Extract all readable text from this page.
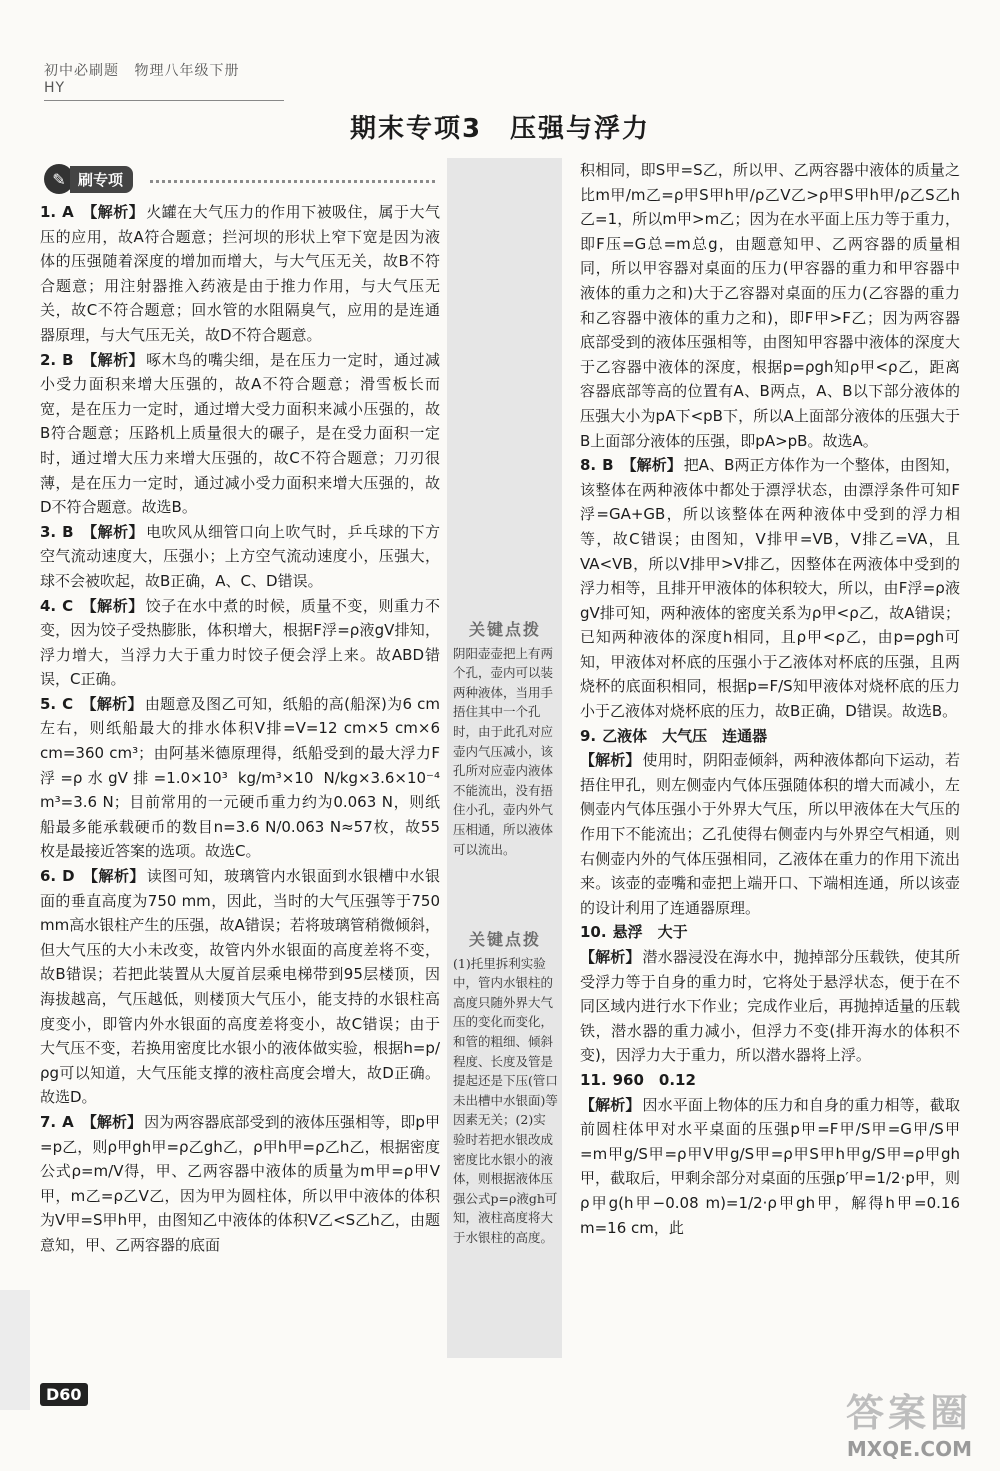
初中必刷题 物理八年级下册 HY
期末专项3　压强与浮力
✎ 刷专项
1. A 【解析】 火罐在大气压力的作用下被吸住，属于大气压的应用，故A符合题意；拦河坝的形状上窄下宽是因为液体的压强随着深度的增加而增大，与大气压无关，故B不符合题意；用注射器推入药液是由于推力作用，与大气压无关，故C不符合题意；回水管的水阻隔臭气，应用的是连通器原理，与大气压无关，故D不符合题意。
2. B 【解析】 啄木鸟的嘴尖细，是在压力一定时，通过减小受力面积来增大压强的，故A不符合题意；滑雪板长而宽，是在压力一定时，通过增大受力面积来减小压强的，故B符合题意；压路机上质量很大的碾子，是在受力面积一定时，通过增大压力来增大压强的，故C不符合题意；刀刃很薄，是在压力一定时，通过减小受力面积来增大压强的，故D不符合题意。故选B。
3. B 【解析】 电吹风从细管口向上吹气时，乒乓球的下方空气流动速度大，压强小；上方空气流动速度小，压强大，球不会被吹起，故B正确，A、C、D错误。
4. C 【解析】 饺子在水中煮的时候，质量不变，则重力不变，因为饺子受热膨胀，体积增大，根据F浮=ρ液gV排知，浮力增大，当浮力大于重力时饺子便会浮上来。故ABD错误，C正确。
5. C 【解析】 由题意及图乙可知，纸船的高(船深)为6 cm左右，则纸船最大的排水体积V排=V=12 cm×5 cm×6 cm=360 cm³；由阿基米德原理得，纸船受到的最大浮力F浮=ρ水gV排=1.0×10³ kg/m³×10 N/kg×3.6×10⁻⁴ m³=3.6 N；目前常用的一元硬币重力约为0.063 N，则纸船最多能承载硬币的数目n=3.6 N/0.063 N≈57枚，故55枚是最接近答案的选项。故选C。
6. D 【解析】 读图可知，玻璃管内水银面到水银槽中水银面的垂直高度为750 mm，因此，当时的大气压强等于750 mm高水银柱产生的压强，故A错误；若将玻璃管稍微倾斜，但大气压的大小未改变，故管内外水银面的高度差将不变，故B错误；若把此装置从大厦首层乘电梯带到95层楼顶，因海拔越高，气压越低，则楼顶大气压小，能支持的水银柱高度变小，即管内外水银面的高度差将变小，故C错误；由于大气压不变，若换用密度比水银小的液体做实验，根据h=p/ρg可以知道，大气压能支撑的液柱高度会增大，故D正确。故选D。
7. A 【解析】 因为两容器底部受到的液体压强相等，即p甲=p乙，则ρ甲gh甲=ρ乙gh乙，ρ甲h甲=ρ乙h乙，根据密度公式ρ=m/V得，甲、乙两容器中液体的质量为m甲=ρ甲V甲，m乙=ρ乙V乙，因为甲为圆柱体，所以甲中液体的体积为V甲=S甲h甲，由图知乙中液体的体积V乙<S乙h乙，由题意知，甲、乙两容器的底面
关键点拨
阴阳壶壶把上有两个孔，壶内可以装两种液体，当用手捂住其中一个孔时，由于此孔对应壶内气压减小，该孔所对应壶内液体不能流出，没有捂住小孔，壶内外气压相通，所以液体可以流出。
关键点拨
(1)托里拆利实验中，管内水银柱的高度只随外界大气压的变化而变化，和管的粗细、倾斜程度、长度及管是提起还是下压(管口未出槽中水银面)等因素无关；(2)实验时若把水银改成密度比水银小的液体，则根据液体压强公式p=ρ液gh可知，液柱高度将大于水银柱的高度。
积相同，即S甲=S乙，所以甲、乙两容器中液体的质量之比m甲/m乙=ρ甲S甲h甲/ρ乙V乙>ρ甲S甲h甲/ρ乙S乙h乙=1，所以m甲>m乙；因为在水平面上压力等于重力，即F压=G总=m总g，由题意知甲、乙两容器的质量相同，所以甲容器对桌面的压力(甲容器的重力和甲容器中液体的重力之和)大于乙容器对桌面的压力(乙容器的重力和乙容器中液体的重力之和)，即F甲>F乙；因为两容器底部受到的液体压强相等，由图知甲容器中液体的深度大于乙容器中液体的深度，根据p=ρgh知ρ甲<ρ乙，距离容器底部等高的位置有A、B两点，A、B以下部分液体的压强大小为pA下<pB下，所以A上面部分液体的压强大于B上面部分液体的压强，即pA>pB。故选A。
8. B 【解析】 把A、B两正方体作为一个整体，由图知，该整体在两种液体中都处于漂浮状态，由漂浮条件可知F浮=GA+GB，所以该整体在两种液体中受到的浮力相等，故C错误；由图知，V排甲=VB，V排乙=VA，且VA<VB，所以V排甲>V排乙，因整体在两液体中受到的浮力相等，且排开甲液体的体积较大，所以，由F浮=ρ液gV排可知，两种液体的密度关系为ρ甲<ρ乙，故A错误；已知两种液体的深度h相同，且ρ甲<ρ乙，由p=ρgh可知，甲液体对杯底的压强小于乙液体对杯底的压强，且两烧杯的底面积相同，根据p=F/S知甲液体对烧杯底的压力小于乙液体对烧杯底的压力，故B正确，D错误。故选B。
9. 乙液体　大气压　连通器
【解析】 使用时，阴阳壶倾斜，两种液体都向下运动，若捂住甲孔，则左侧壶内气体压强随体积的增大而减小，左侧壶内气体压强小于外界大气压，所以甲液体在大气压的作用下不能流出；乙孔使得右侧壶内与外界空气相通，则右侧壶内外的气体压强相同，乙液体在重力的作用下流出来。该壶的壶嘴和壶把上端开口、下端相连通，所以该壶的设计利用了连通器原理。
10. 悬浮　大于
【解析】 潜水器浸没在海水中，抛掉部分压载铁，使其所受浮力等于自身的重力时，它将处于悬浮状态，便于在不同区域内进行水下作业；完成作业后，再抛掉适量的压载铁，潜水器的重力减小，但浮力不变(排开海水的体积不变)，因浮力大于重力，所以潜水器将上浮。
11. 960　0.12
【解析】 因水平面上物体的压力和自身的重力相等，截取前圆柱体甲对水平桌面的压强p甲=F甲/S甲=G甲/S甲=m甲g/S甲=ρ甲V甲g/S甲=ρ甲S甲h甲g/S甲=ρ甲gh甲，截取后，甲剩余部分对桌面的压强p′甲=1/2·p甲，则ρ甲g(h甲−0.08 m)=1/2·ρ甲gh甲，解得h甲=0.16 m=16 cm，此
D60	答案圈
MXQE.COM
